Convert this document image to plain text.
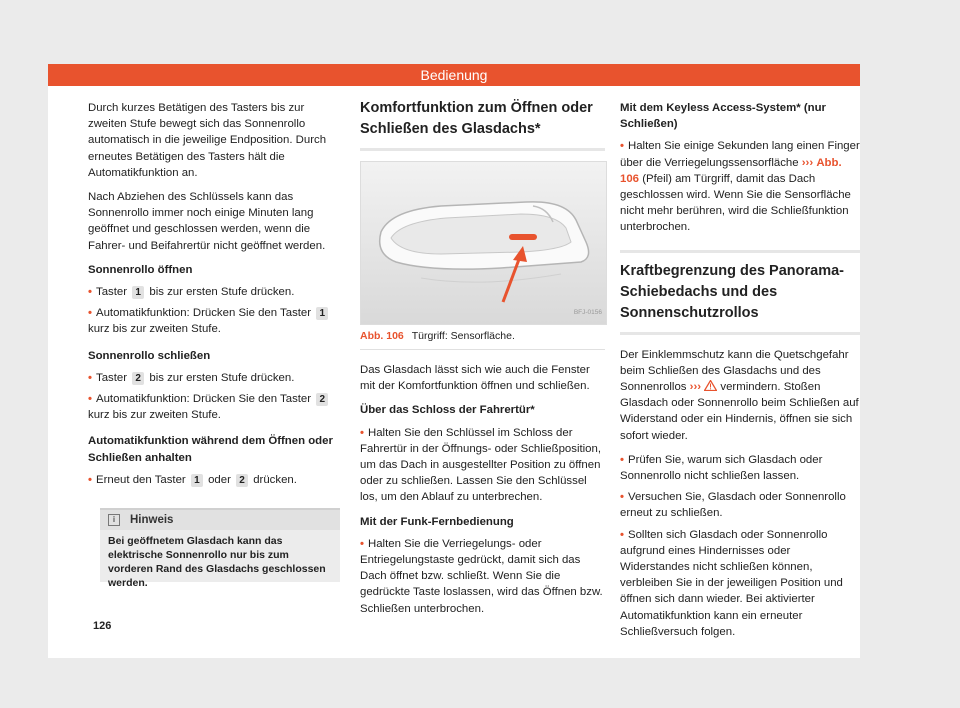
Bedienung

Durch kurzes Betätigen des Tasters bis zur zweiten Stufe bewegt sich das Sonnenrollo automatisch in die jeweilige Endposition. Durch erneutes Betätigen des Tasters hält die Automatikfunktion an.

Nach Abziehen des Schlüssels kann das Sonnenrollo immer noch einige Minuten lang geöffnet und geschlossen werden, wenn die Fahrer- und Beifahrertür nicht geöffnet werden.

Sonnenrollo öffnen
• Taster 1 bis zur ersten Stufe drücken.
• Automatikfunktion: Drücken Sie den Taster 1 kurz bis zur zweiten Stufe.
Sonnenrollo schließen
• Taster 2 bis zur ersten Stufe drücken.
• Automatikfunktion: Drücken Sie den Taster 2 kurz bis zur zweiten Stufe.
Automatikfunktion während dem Öffnen oder Schließen anhalten
• Erneut den Taster 1 oder 2 drücken.
i Hinweis
Bei geöffnetem Glasdach kann das elektrische Sonnenrollo nur bis zum vorderen Rand des Glasdachs geschlossen werden.
Komfortfunktion zum Öffnen oder Schließen des Glasdachs*
BFJ-0156
Abb. 106 Türgriff: Sensorfläche.

Das Glasdach lässt sich wie auch die Fenster mit der Komfortfunktion öffnen und schließen.

Über das Schloss der Fahrertür*
• Halten Sie den Schlüssel im Schloss der Fahrertür in der Öffnungs- oder Schließposition, um das Dach in ausgestellter Position zu öffnen oder zu schließen. Lassen Sie den Schlüssel los, um den Ablauf zu unterbrechen.
Mit der Funk-Fernbedienung
• Halten Sie die Verriegelungs- oder Entriegelungstaste gedrückt, damit sich das Dach öffnet bzw. schließt. Wenn Sie die gedrückte Taste loslassen, wird das Öffnen bzw. Schließen unterbrochen.
Mit dem Keyless Access-System* (nur Schließen)
• Halten Sie einige Sekunden lang einen Finger über die Verriegelungssensorfläche ››› Abb. 106 (Pfeil) am Türgriff, damit das Dach geschlossen wird. Wenn Sie die Sensorfläche nicht mehr berühren, wird die Schließfunktion unterbrochen.
Kraftbegrenzung des Panorama-Schiebedachs und des Sonnenschutzrollos

Der Einklemmschutz kann die Quetschgefahr beim Schließen des Glasdachs und des Sonnenrollos ››› vermindern. Stoßen Glasdach oder Sonnenrollo beim Schließen auf Widerstand oder ein Hindernis, öffnen sie sich sofort wieder.

• Prüfen Sie, warum sich Glasdach oder Sonnenrollo nicht schließen lassen.
• Versuchen Sie, Glasdach oder Sonnenrollo erneut zu schließen.
• Sollten sich Glasdach oder Sonnenrollo aufgrund eines Hindernisses oder Widerstandes nicht schließen können, verbleiben Sie in der jeweiligen Position und öffnen sich dann wieder. Bei aktivierter Automatikfunktion kann ein erneuter Schließversuch folgen.
126
